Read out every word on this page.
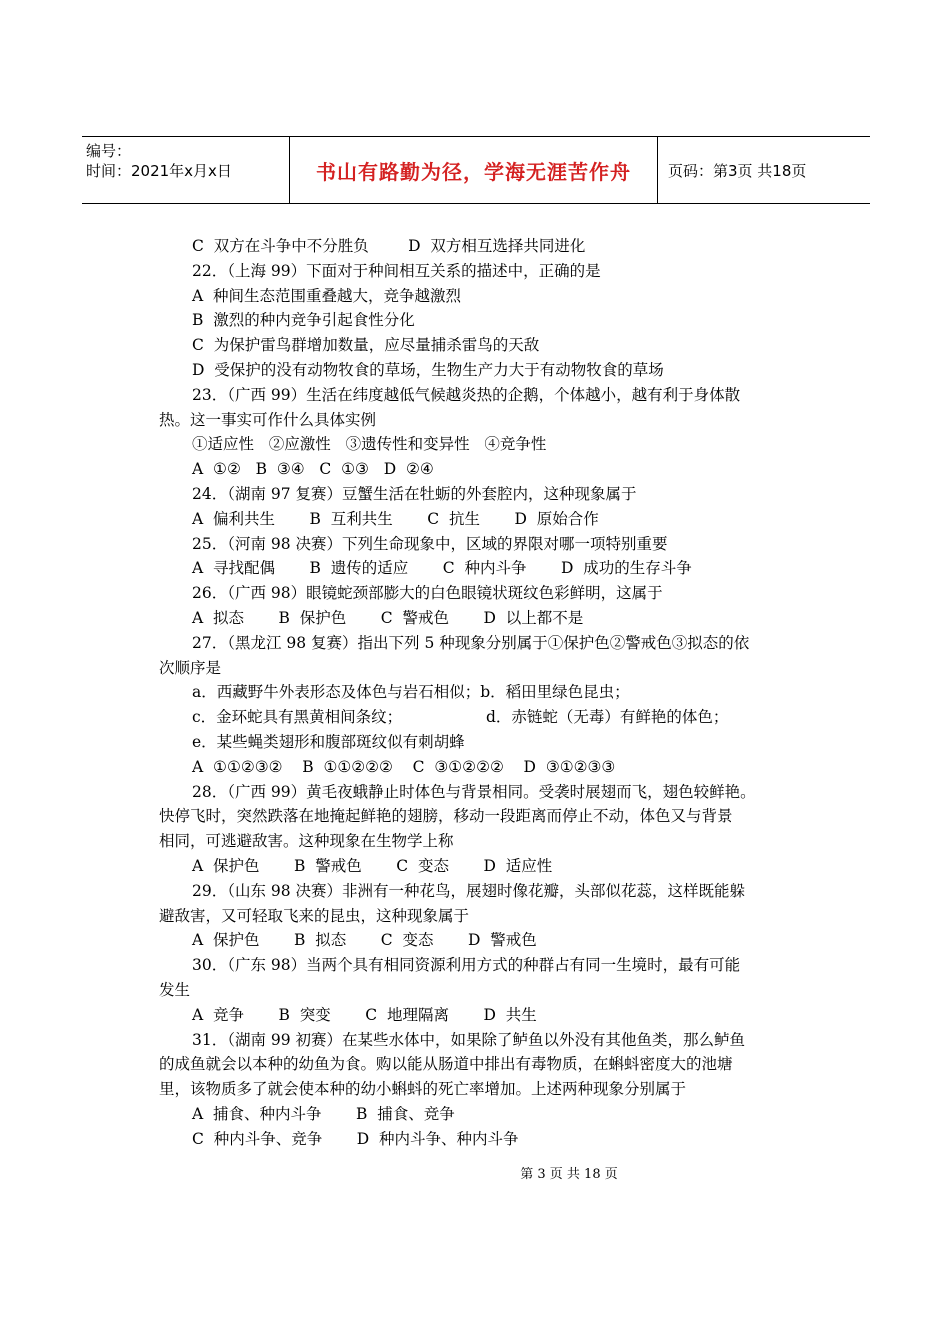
编号：
时间：2021年x月x日	书山有路勤为径，学海无涯苦作舟 页码：第3页 共18页
C  双方在斗争中不分胜负        D  双方相互选择共同进化
22．（上海 99）下面对于种间相互关系的描述中，正确的是
A  种间生态范围重叠越大，竞争越激烈
B  激烈的种内竞争引起食性分化
C  为保护雷鸟群增加数量，应尽量捕杀雷鸟的天敌
D  受保护的没有动物牧食的草场，生物生产力大于有动物牧食的草场
23．（广西 99）生活在纬度越低气候越炎热的企鹅，个体越小，越有利于身体散
热。这一事实可作什么具体实例
①适应性   ②应激性   ③遗传性和变异性   ④竞争性
A  ①②   B  ③④   C  ①③   D  ②④
24．（湖南 97 复赛）豆蟹生活在牡蛎的外套腔内，这种现象属于
A  偏利共生       B  互利共生       C  抗生       D  原始合作
25．（河南 98 决赛）下列生命现象中，区域的界限对哪一项特别重要
A  寻找配偶       B  遗传的适应       C  种内斗争       D  成功的生存斗争
26．（广西 98）眼镜蛇颈部膨大的白色眼镜状斑纹色彩鲜明，这属于
A  拟态       B  保护色       C  警戒色       D  以上都不是
27．（黑龙江 98 复赛）指出下列 5 种现象分别属于①保护色②警戒色③拟态的依
次顺序是
a．西藏野牛外表形态及体色与岩石相似；b．稻田里绿色昆虫；
c．金环蛇具有黑黄相间条纹；                 d．赤链蛇（无毒）有鲜艳的体色；
e．某些蝇类翅形和腹部斑纹似有刺胡蜂
A  ①①②③②    B  ①①②②②    C  ③①②②②    D  ③①②③③
28．（广西 99）黄毛夜蛾静止时体色与背景相同。受袭时展翅而飞，翅色较鲜艳。
快停飞时，突然跌落在地掩起鲜艳的翅膀，移动一段距离而停止不动，体色又与背景
相同，可逃避敌害。这种现象在生物学上称
A  保护色       B  警戒色       C  变态       D  适应性
29．（山东 98 决赛）非洲有一种花鸟，展翅时像花瓣，头部似花蕊，这样既能躲
避敌害，又可轻取飞来的昆虫，这种现象属于
A  保护色       B  拟态       C  变态       D  警戒色
30．（广东 98）当两个具有相同资源利用方式的种群占有同一生境时，最有可能
发生
A  竞争       B  突变       C  地理隔离       D  共生
31．（湖南 99 初赛）在某些水体中，如果除了鲈鱼以外没有其他鱼类，那么鲈鱼
的成鱼就会以本种的幼鱼为食。购以能从肠道中排出有毒物质，在蝌蚪密度大的池塘
里，该物质多了就会使本种的幼小蝌蚪的死亡率增加。上述两种现象分别属于
A  捕食、种内斗争       B  捕食、竞争
C  种内斗争、竞争       D  种内斗争、种内斗争
第 3 页 共 18 页
